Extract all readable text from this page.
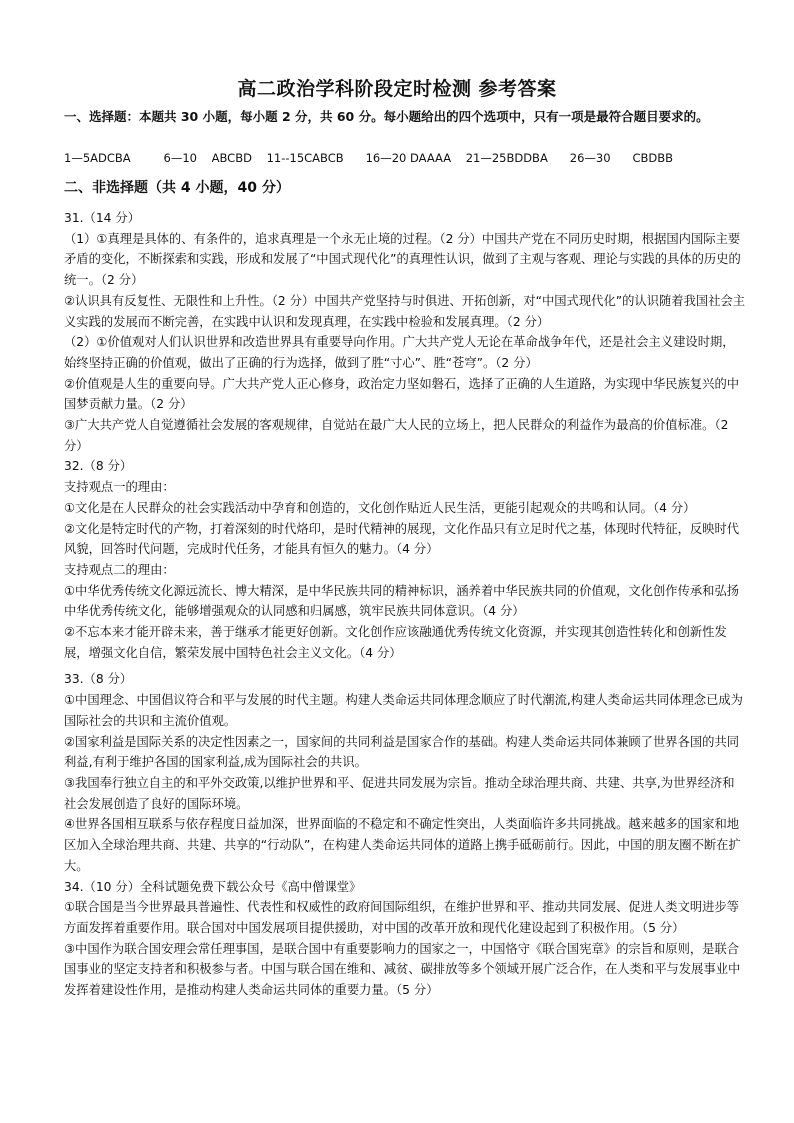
高二政治学科阶段定时检测 参考答案
一、选择题：本题共 30 小题，每小题 2 分，共 60 分。每小题给出的四个选项中，只有一项是最符合题目要求的。
1—5ADCBA         6—10    ABCBD    11--15CABCB      16—20 DAAAA    21—25BDDBA      26—30      CBDBB
二、非选择题（共 4 小题，40 分）

31.（14 分）

（1）①真理是具体的、有条件的，追求真理是一个永无止境的过程。（2 分）中国共产党在不同历史时期，根据国内国际主要矛盾的变化，不断探索和实践，形成和发展了“中国式现代化”的真理性认识，做到了主观与客观、理论与实践的具体的历史的统一。（2 分）

②认识具有反复性、无限性和上升性。（2 分）中国共产党坚持与时俱进、开拓创新，对“中国式现代化”的认识随着我国社会主义实践的发展而不断完善，在实践中认识和发现真理，在实践中检验和发展真理。（2 分）

（2）①价值观对人们认识世界和改造世界具有重要导向作用。广大共产党人无论在革命战争年代，还是社会主义建设时期，始终坚持正确的价值观，做出了正确的行为选择，做到了胜“寸心”、胜“苍穹”。（2 分）

②价值观是人生的重要向导。广大共产党人正心修身，政治定力坚如磐石，选择了正确的人生道路，为实现中华民族复兴的中国梦贡献力量。（2 分）

③广大共产党人自觉遵循社会发展的客观规律，自觉站在最广大人民的立场上，把人民群众的利益作为最高的价值标准。（2 分）

32.（8 分）

支持观点一的理由：

①文化是在人民群众的社会实践活动中孕育和创造的，文化创作贴近人民生活，更能引起观众的共鸣和认同。（4 分）

②文化是特定时代的产物，打着深刻的时代烙印，是时代精神的展现，文化作品只有立足时代之基，体现时代特征，反映时代风貌，回答时代问题，完成时代任务，才能具有恒久的魅力。（4 分）

支持观点二的理由：

①中华优秀传统文化源远流长、博大精深，是中华民族共同的精神标识，涵养着中华民族共同的价值观，文化创作传承和弘扬中华优秀传统文化，能够增强观众的认同感和归属感，筑牢民族共同体意识。（4 分）

②不忘本来才能开辟未来，善于继承才能更好创新。文化创作应该融通优秀传统文化资源，并实现其创造性转化和创新性发展，增强文化自信，繁荣发展中国特色社会主义文化。（4 分）

33.（8 分）

①中国理念、中国倡议符合和平与发展的时代主题。构建人类命运共同体理念顺应了时代潮流,构建人类命运共同体理念已成为国际社会的共识和主流价值观。

②国家利益是国际关系的决定性因素之一，国家间的共同利益是国家合作的基础。构建人类命运共同体兼顾了世界各国的共同利益,有利于维护各国的国家利益,成为国际社会的共识。

③我国奉行独立自主的和平外交政策,以维护世界和平、促进共同发展为宗旨。推动全球治理共商、共建、共享,为世界经济和社会发展创造了良好的国际环境。

④世界各国相互联系与依存程度日益加深，世界面临的不稳定和不确定性突出，人类面临许多共同挑战。越来越多的国家和地区加入全球治理共商、共建、共享的“行动队”，在构建人类命运共同体的道路上携手砥砺前行。因此，中国的朋友圈不断在扩大。

34.（10 分）全科试题免费下载公众号《高中僧课堂》

①联合国是当今世界最具普遍性、代表性和权威性的政府间国际组织，在维护世界和平、推动共同发展、促进人类文明进步等方面发挥着重要作用。联合国对中国发展项目提供援助，对中国的改革开放和现代化建设起到了积极作用。（5 分）

③中国作为联合国安理会常任理事国，是联合国中有重要影响力的国家之一，中国恪守《联合国宪章》的宗旨和原则，是联合国事业的坚定支持者和积极参与者。中国与联合国在维和、减贫、碳排放等多个领域开展广泛合作，在人类和平与发展事业中发挥着建设性作用，是推动构建人类命运共同体的重要力量。（5 分）
